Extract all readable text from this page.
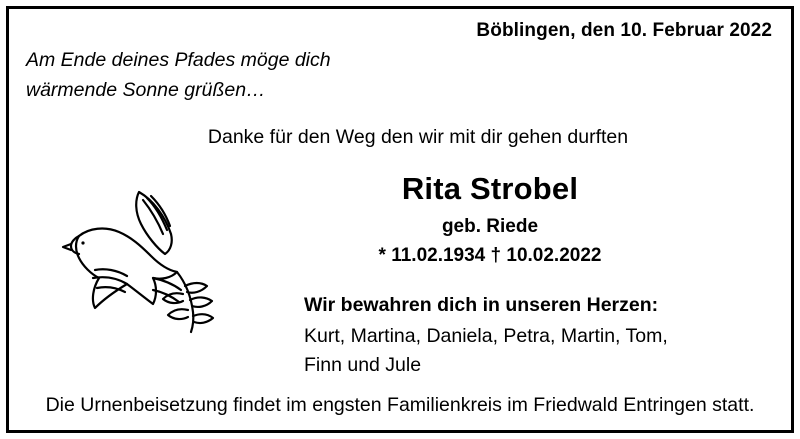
Böblingen, den 10. Februar 2022
Am Ende deines Pfades möge dich
wärmende Sonne grüßen…
Danke für den Weg den wir mit dir gehen durften
Rita Strobel
geb. Riede
* 11.02.1934 † 10.02.2022
Wir bewahren dich in unseren Herzen:
Kurt, Martina, Daniela, Petra, Martin, Tom,
Finn und Jule
Die Urnenbeisetzung findet im engsten Familienkreis im Friedwald Entringen statt.
